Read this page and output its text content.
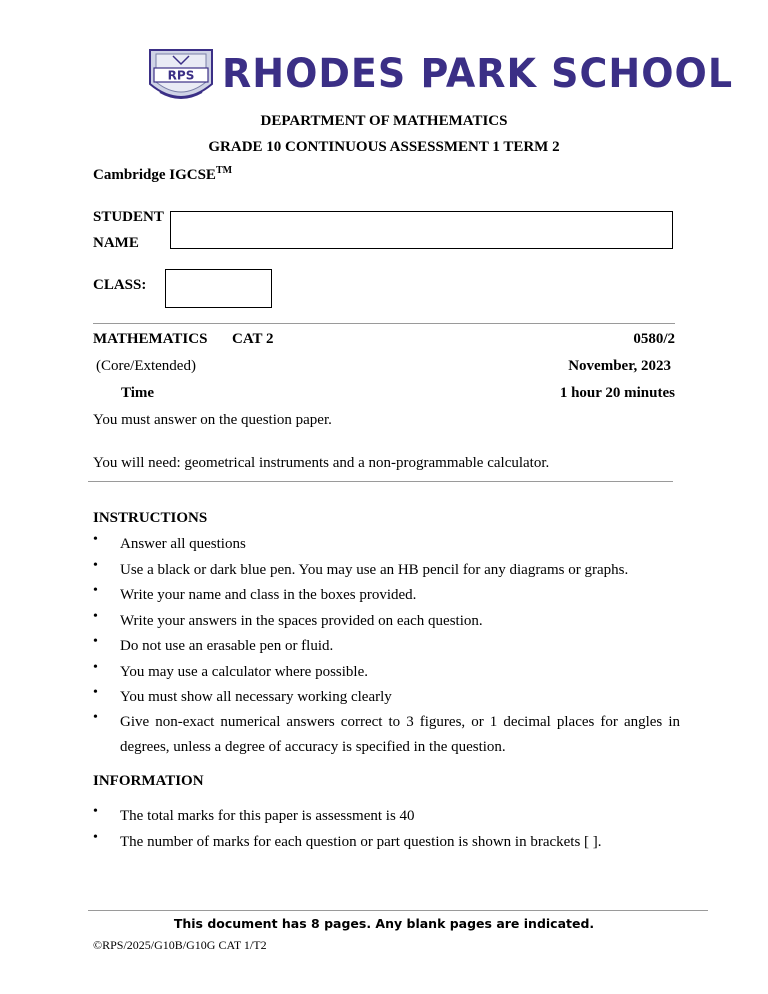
RPS RHODES PARK SCHOOL
DEPARTMENT OF MATHEMATICS
GRADE 10 CONTINUOUS ASSESSMENT 1 TERM 2
Cambridge IGCSE™
STUDENT
NAME
CLASS:
MATHEMATICS CAT 2	0580/2
(Core/Extended)	November, 2023
Time	1 hour 20 minutes
You must answer on the question paper.
You will need: geometrical instruments and a non-programmable calculator.
INSTRUCTIONS
• Answer all questions
• Use a black or dark blue pen. You may use an HB pencil for any diagrams or graphs.
• Write your name and class in the boxes provided.
• Write your answers in the spaces provided on each question.
• Do not use an erasable pen or fluid.
• You may use a calculator where possible.
• You must show all necessary working clearly
• Give non-exact numerical answers correct to 3 figures, or 1 decimal places for angles in degrees, unless a degree of accuracy is specified in the question.
INFORMATION
• The total marks for this paper is assessment is 40
• The number of marks for each question or part question is shown in brackets [ ].
This document has 8 pages. Any blank pages are indicated.
©RPS/2025/G10B/G10G CAT 1/T2
